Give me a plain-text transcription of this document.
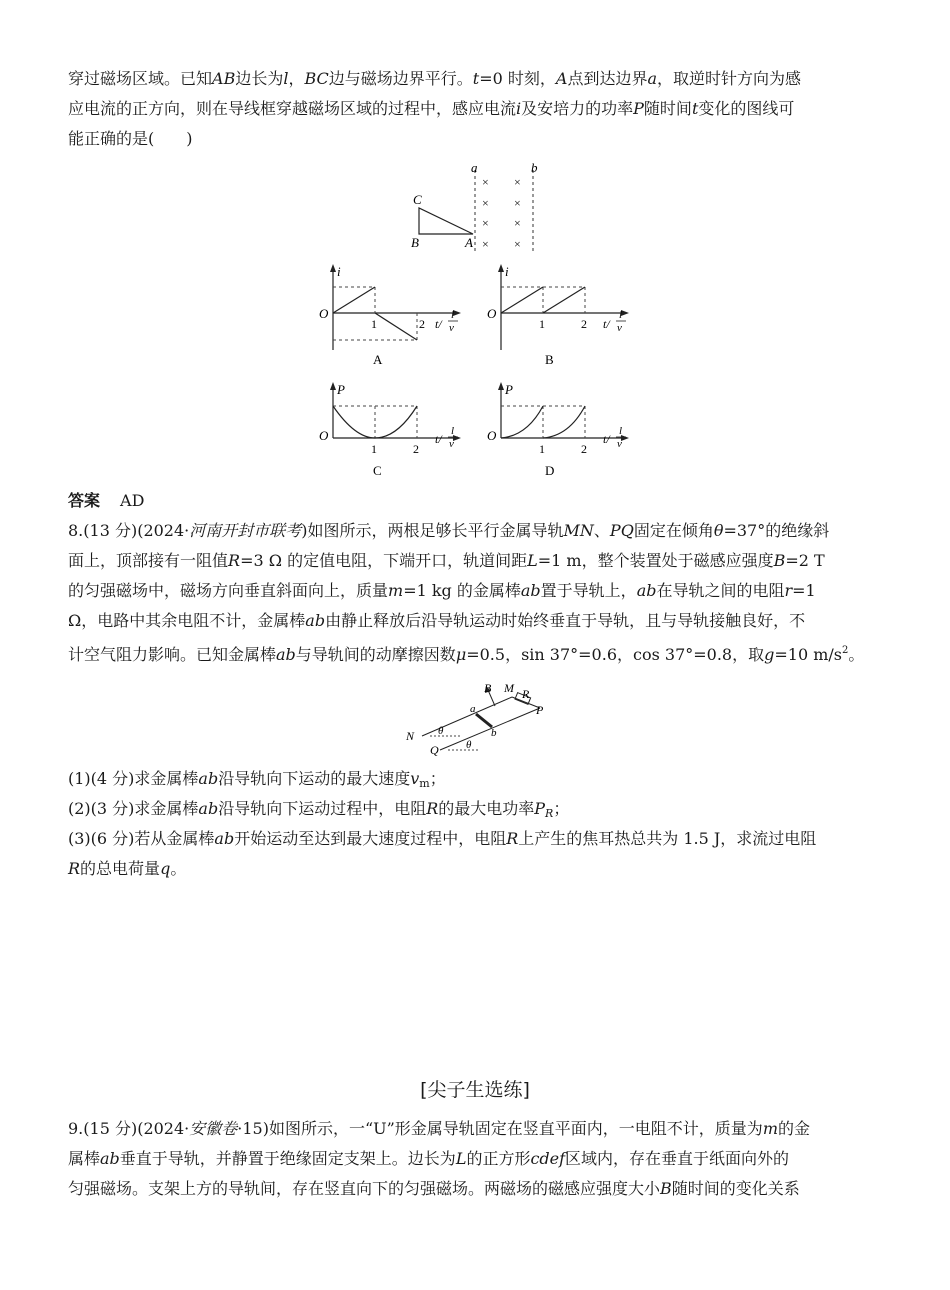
穿过磁场区域。已知AB边长为l，BC边与磁场边界平行。t=0 时刻，A点到达边界a，取逆时针方向为感
应电流的正方向，则在导线框穿越磁场区域的过程中，感应电流i及安培力的功率P随时间t变化的图线可
能正确的是(　　)
a	b
C
B	A
× ×
× ×
× ×
× ×
i
O
1	2 t/
l
v
A
i
O
1	2 t/
l
v
B
P
O
1	2
t/
l
v
C
P
O
1	2
t/
l
v
D
答案 AD
8.(13 分)(2024·河南开封市联考)如图所示，两根足够长平行金属导轨MN、PQ固定在倾角θ=37°的绝缘斜
面上，顶部接有一阻值R=3 Ω 的定值电阻，下端开口，轨道间距L=1 m，整个装置处于磁感应强度B=2 T
的匀强磁场中，磁场方向垂直斜面向上，质量m=1 kg 的金属棒ab置于导轨上，ab在导轨之间的电阻r=1
Ω，电路中其余电阻不计，金属棒ab由静止释放后沿导轨运动时始终垂直于导轨，且与导轨接触良好，不
计空气阻力影响。已知金属棒ab与导轨间的动摩擦因数μ=0.5，sin 37°=0.6，cos 37°=0.8，取g=10 $m/s^2$。
B M R
P
a
b
N
Q
θ
θ
(1)(4 分)求金属棒ab沿导轨向下运动的最大速度$v_m$；
(2)(3 分)求金属棒ab沿导轨向下运动过程中，电阻R的最大电功率$P_R$；
(3)(6 分)若从金属棒ab开始运动至达到最大速度过程中，电阻R上产生的焦耳热总共为 1.5 J，求流过电阻
R的总电荷量q。
[尖子生选练]
9.(15 分)(2024·安徽卷·15)如图所示，一“U”形金属导轨固定在竖直平面内，一电阻不计，质量为m的金
属棒ab垂直于导轨，并静置于绝缘固定支架上。边长为L的正方形cdef区域内，存在垂直于纸面向外的
匀强磁场。支架上方的导轨间，存在竖直向下的匀强磁场。两磁场的磁感应强度大小B随时间的变化关系
